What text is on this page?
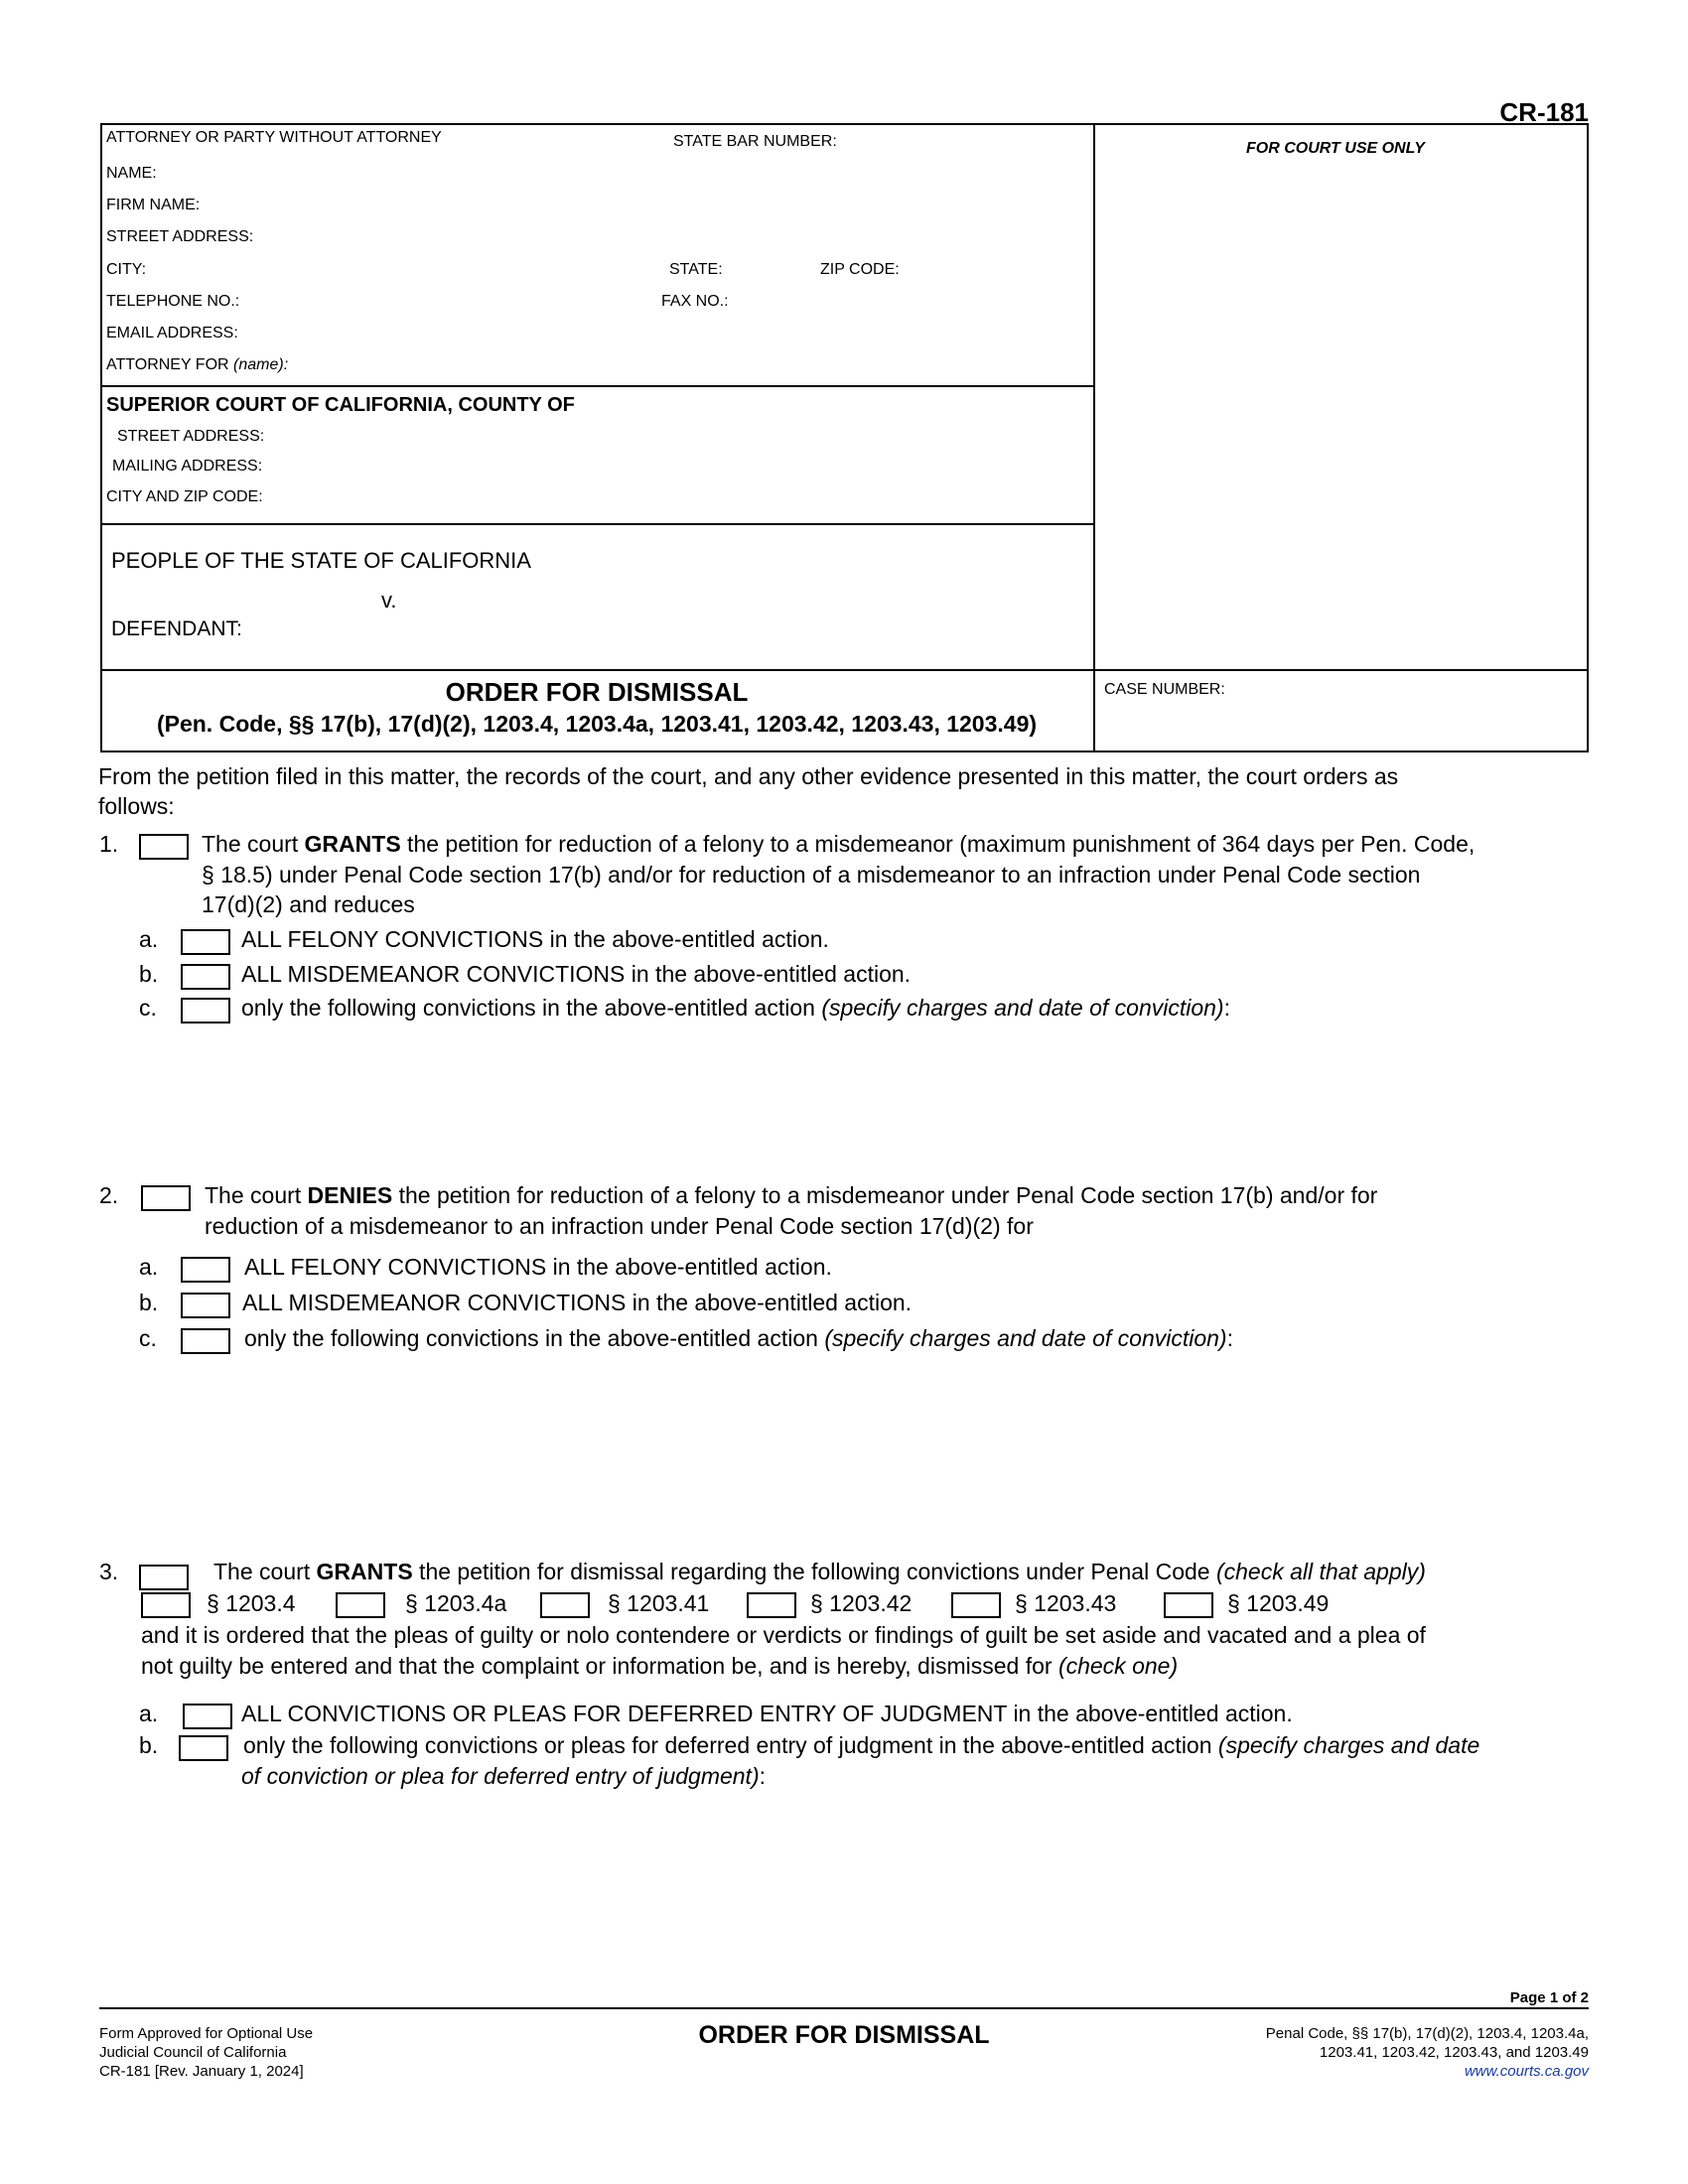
CR-181
ATTORNEY OR PARTY WITHOUT ATTORNEY	STATE BAR NUMBER:	FOR COURT USE ONLY
NAME:
FIRM NAME:
STREET ADDRESS:
CITY:	STATE:	ZIP CODE:
TELEPHONE NO.:	FAX NO.:
EMAIL ADDRESS:
ATTORNEY FOR (name):
SUPERIOR COURT OF CALIFORNIA, COUNTY OF
STREET ADDRESS:
MAILING ADDRESS:
CITY AND ZIP CODE:
PEOPLE OF THE STATE OF CALIFORNIA
v.
DEFENDANT:
ORDER FOR DISMISSAL
(Pen. Code, §§ 17(b), 17(d)(2), 1203.4, 1203.4a, 1203.41, 1203.42, 1203.43, 1203.49)
CASE NUMBER:
From the petition filed in this matter, the records of the court, and any other evidence presented in this matter, the court orders as
follows:
1.	The court GRANTS the petition for reduction of a felony to a misdemeanor (maximum punishment of 364 days per Pen. Code,
§ 18.5) under Penal Code section 17(b) and/or for reduction of a misdemeanor to an infraction under Penal Code section
17(d)(2) and reduces
a.	ALL FELONY CONVICTIONS in the above-entitled action.
b.	ALL MISDEMEANOR CONVICTIONS in the above-entitled action.
c.	only the following convictions in the above-entitled action (specify charges and date of conviction):
2.	The court DENIES the petition for reduction of a felony to a misdemeanor under Penal Code section 17(b) and/or for
reduction of a misdemeanor to an infraction under Penal Code section 17(d)(2) for
a.	ALL FELONY CONVICTIONS in the above-entitled action.
b.	ALL MISDEMEANOR CONVICTIONS in the above-entitled action.
c.	only the following convictions in the above-entitled action (specify charges and date of conviction):
3.	The court GRANTS the petition for dismissal regarding the following convictions under Penal Code (check all that apply)
§ 1203.4	§ 1203.4a	§ 1203.41	§ 1203.42	§ 1203.43	§ 1203.49
and it is ordered that the pleas of guilty or nolo contendere or verdicts or findings of guilt be set aside and vacated and a plea of
not guilty be entered and that the complaint or information be, and is hereby, dismissed for (check one)
a.	ALL CONVICTIONS OR PLEAS FOR DEFERRED ENTRY OF JUDGMENT in the above-entitled action.
b.	only the following convictions or pleas for deferred entry of judgment in the above-entitled action (specify charges and date
of conviction or plea for deferred entry of judgment):
Page 1 of 2
Form Approved for Optional Use
Judicial Council of California
CR-181 [Rev. January 1, 2024]
ORDER FOR DISMISSAL	Penal Code, §§ 17(b), 17(d)(2), 1203.4, 1203.4a,
1203.41, 1203.42, 1203.43, and 1203.49
www.courts.ca.gov
